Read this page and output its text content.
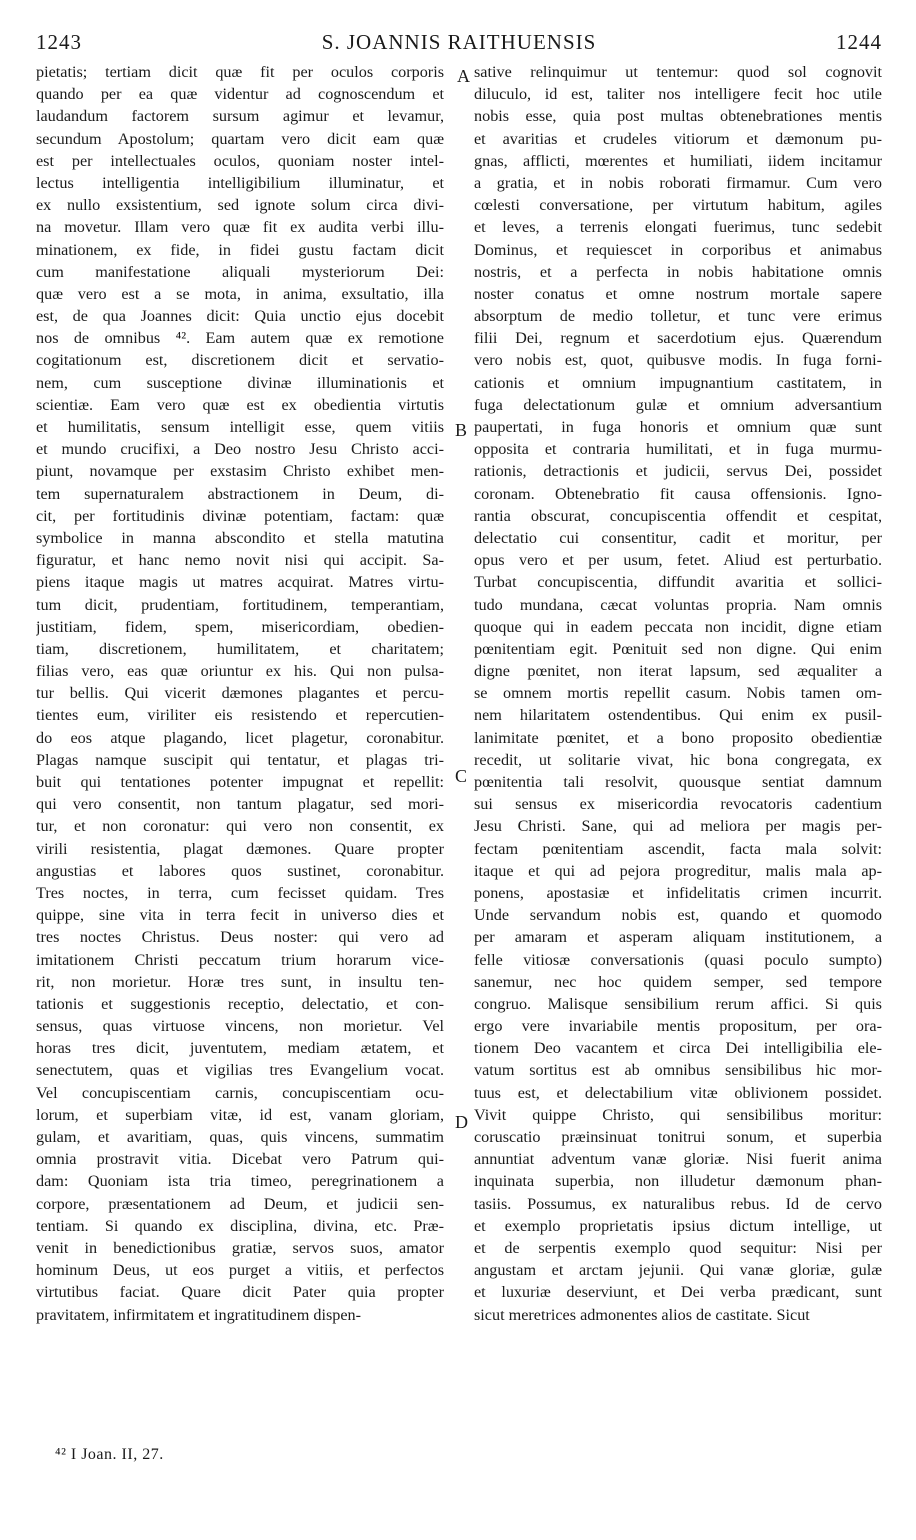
1243	S. JOANNIS RAITHUENSIS	1244
pietatis; tertiam dicit quæ fit per oculos corporis
quando per ea quæ videntur ad cognoscendum et
laudandum factorem sursum agimur et levamur,
secundum Apostolum; quartam vero dicit eam quæ
est per intellectuales oculos, quoniam noster intel-
lectus intelligentia intelligibilium illuminatur, et
ex nullo exsistentium, sed ignote solum circa divi-
na movetur. Illam vero quæ fit ex audita verbi illu-
minationem, ex fide, in fidei gustu factam dicit
cum manifestatione aliquali mysteriorum Dei:
quæ vero est a se mota, in anima, exsultatio, illa
est, de qua Joannes dicit: Quia unctio ejus docebit
nos de omnibus ⁴². Eam autem quæ ex remotione
cogitationum est, discretionem dicit et servatio-
nem, cum susceptione divinæ illuminationis et
scientiæ. Eam vero quæ est ex obedientia virtutis
et humilitatis, sensum intelligit esse, quem vitiis
et mundo crucifixi, a Deo nostro Jesu Christo acci-
piunt, novamque per exstasim Christo exhibet men-
tem supernaturalem abstractionem in Deum, di-
cit, per fortitudinis divinæ potentiam, factam: quæ
symbolice in manna abscondito et stella matutina
figuratur, et hanc nemo novit nisi qui accipit. Sa-
piens itaque magis ut matres acquirat. Matres virtu-
tum dicit, prudentiam, fortitudinem, temperantiam,
justitiam, fidem, spem, misericordiam, obedien-
tiam, discretionem, humilitatem, et charitatem;
filias vero, eas quæ oriuntur ex his. Qui non pulsa-
tur bellis. Qui vicerit dæmones plagantes et percu-
tientes eum, viriliter eis resistendo et repercutien-
do eos atque plagando, licet plagetur, coronabitur.
Plagas namque suscipit qui tentatur, et plagas tri-
buit qui tentationes potenter impugnat et repellit:
qui vero consentit, non tantum plagatur, sed mori-
tur, et non coronatur: qui vero non consentit, ex
virili resistentia, plagat dæmones. Quare propter
angustias et labores quos sustinet, coronabitur.
Tres noctes, in terra, cum fecisset quidam. Tres
quippe, sine vita in terra fecit in universo dies et
tres noctes Christus. Deus noster: qui vero ad
imitationem Christi peccatum trium horarum vice-
rit, non morietur. Horæ tres sunt, in insultu ten-
tationis et suggestionis receptio, delectatio, et con-
sensus, quas virtuose vincens, non morietur. Vel
horas tres dicit, juventutem, mediam ætatem, et
senectutem, quas et vigilias tres Evangelium vocat.
Vel concupiscentiam carnis, concupiscentiam ocu-
lorum, et superbiam vitæ, id est, vanam gloriam,
gulam, et avaritiam, quas, quis vincens, summatim
omnia prostravit vitia. Dicebat vero Patrum qui-
dam: Quoniam ista tria timeo, peregrinationem a
corpore, præsentationem ad Deum, et judicii sen-
tentiam. Si quando ex disciplina, divina, etc. Præ-
venit in benedictionibus gratiæ, servos suos, amator
hominum Deus, ut eos purget a vitiis, et perfectos
virtutibus faciat. Quare dicit Pater quia propter
pravitatem, infirmitatem et ingratitudinem dispen-
sative relinquimur ut tentemur: quod sol cognovit
diluculo, id est, taliter nos intelligere fecit hoc utile
nobis esse, quia post multas obtenebrationes mentis
et avaritias et crudeles vitiorum et dæmonum pu-
gnas, afflicti, mœrentes et humiliati, iidem incitamur
a gratia, et in nobis roborati firmamur. Cum vero
cœlesti conversatione, per virtutum habitum, agiles
et leves, a terrenis elongati fuerimus, tunc sedebit
Dominus, et requiescet in corporibus et animabus
nostris, et a perfecta in nobis habitatione omnis
noster conatus et omne nostrum mortale sapere
absorptum de medio tolletur, et tunc vere erimus
filii Dei, regnum et sacerdotium ejus. Quærendum
vero nobis est, quot, quibusve modis. In fuga forni-
cationis et omnium impugnantium castitatem, in
fuga delectationum gulæ et omnium adversantium
paupertati, in fuga honoris et omnium quæ sunt
opposita et contraria humilitati, et in fuga murmu-
rationis, detractionis et judicii, servus Dei, possidet
coronam. Obtenebratio fit causa offensionis. Igno-
rantia obscurat, concupiscentia offendit et cespitat,
delectatio cui consentitur, cadit et moritur, per
opus vero et per usum, fetet. Aliud est perturbatio.
Turbat concupiscentia, diffundit avaritia et sollici-
tudo mundana, cæcat voluntas propria. Nam omnis
quoque qui in eadem peccata non incidit, digne etiam
pœnitentiam egit. Pœnituit sed non digne. Qui enim
digne pœnitet, non iterat lapsum, sed æqualiter a
se omnem mortis repellit casum. Nobis tamen om-
nem hilaritatem ostendentibus. Qui enim ex pusil-
lanimitate pœnitet, et a bono proposito obedientiæ
recedit, ut solitarie vivat, hic bona congregata, ex
pœnitentia tali resolvit, quousque sentiat damnum
sui sensus ex misericordia revocatoris cadentium
Jesu Christi. Sane, qui ad meliora per magis per-
fectam pœnitentiam ascendit, facta mala solvit:
itaque et qui ad pejora progreditur, malis mala ap-
ponens, apostasiæ et infidelitatis crimen incurrit.
Unde servandum nobis est, quando et quomodo
per amaram et asperam aliquam institutionem, a
felle vitiosæ conversationis (quasi poculo sumpto)
sanemur, nec hoc quidem semper, sed tempore
congruo. Malisque sensibilium rerum affici. Si quis
ergo vere invariabile mentis propositum, per ora-
tionem Deo vacantem et circa Dei intelligibilia ele-
vatum sortitus est ab omnibus sensibilibus hic mor-
tuus est, et delectabilium vitæ oblivionem possidet.
Vivit quippe Christo, qui sensibilibus moritur:
coruscatio præinsinuat tonitrui sonum, et superbia
annuntiat adventum vanæ gloriæ. Nisi fuerit anima
inquinata superbia, non illudetur dæmonum phan-
tasiis. Possumus, ex naturalibus rebus. Id de cervo
et exemplo proprietatis ipsius dictum intellige, ut
et de serpentis exemplo quod sequitur: Nisi per
angustam et arctam jejunii. Qui vanæ gloriæ, gulæ
et luxuriæ deserviunt, et Dei verba prædicant, sunt
sicut meretrices admonentes alios de castitate. Sicut
A
B
C
D
⁴² I Joan. II, 27.
